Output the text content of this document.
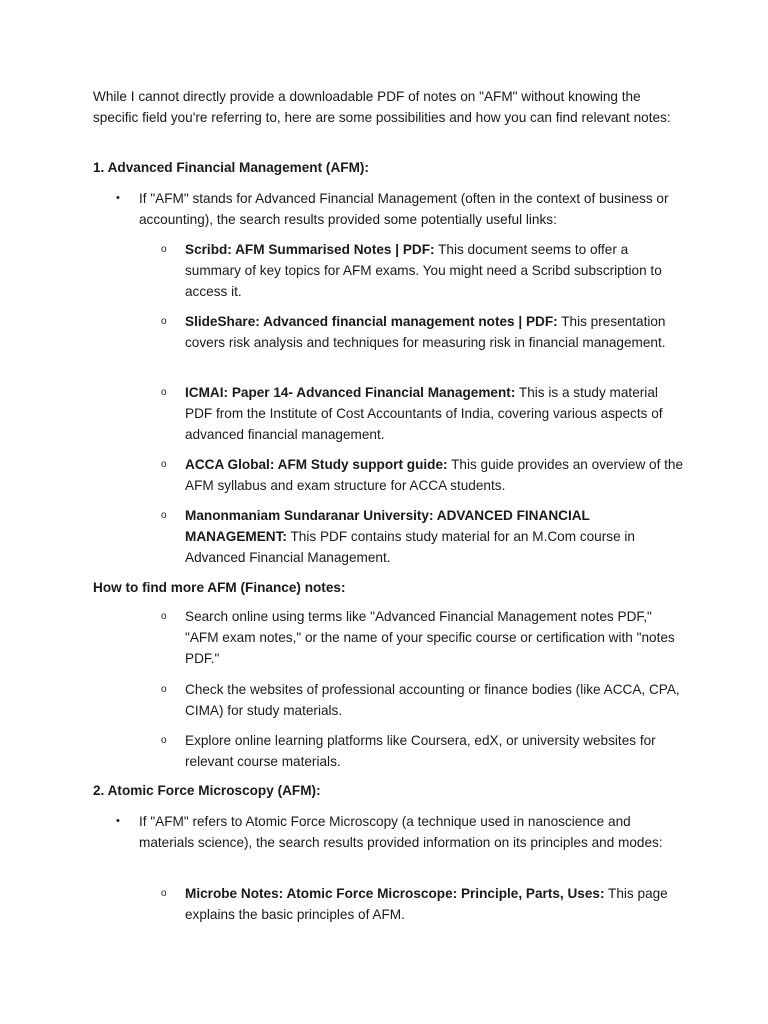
While I cannot directly provide a downloadable PDF of notes on "AFM" without knowing the specific field you're referring to, here are some possibilities and how you can find relevant notes:

1. Advanced Financial Management (AFM):

• If "AFM" stands for Advanced Financial Management (often in the context of business or accounting), the search results provided some potentially useful links:

o Scribd: AFM Summarised Notes | PDF: This document seems to offer a summary of key topics for AFM exams. You might need a Scribd subscription to access it.

o SlideShare: Advanced financial management notes | PDF: This presentation covers risk analysis and techniques for measuring risk in financial management.

o ICMAI: Paper 14- Advanced Financial Management: This is a study material PDF from the Institute of Cost Accountants of India, covering various aspects of advanced financial management.

o ACCA Global: AFM Study support guide: This guide provides an overview of the AFM syllabus and exam structure for ACCA students.

o Manonmaniam Sundaranar University: ADVANCED FINANCIAL MANAGEMENT: This PDF contains study material for an M.Com course in Advanced Financial Management.

How to find more AFM (Finance) notes:

o Search online using terms like "Advanced Financial Management notes PDF," "AFM exam notes," or the name of your specific course or certification with "notes PDF."

o Check the websites of professional accounting or finance bodies (like ACCA, CPA, CIMA) for study materials.

o Explore online learning platforms like Coursera, edX, or university websites for relevant course materials.

2. Atomic Force Microscopy (AFM):

• If "AFM" refers to Atomic Force Microscopy (a technique used in nanoscience and materials science), the search results provided information on its principles and modes:

o Microbe Notes: Atomic Force Microscope: Principle, Parts, Uses: This page explains the basic principles of AFM.
